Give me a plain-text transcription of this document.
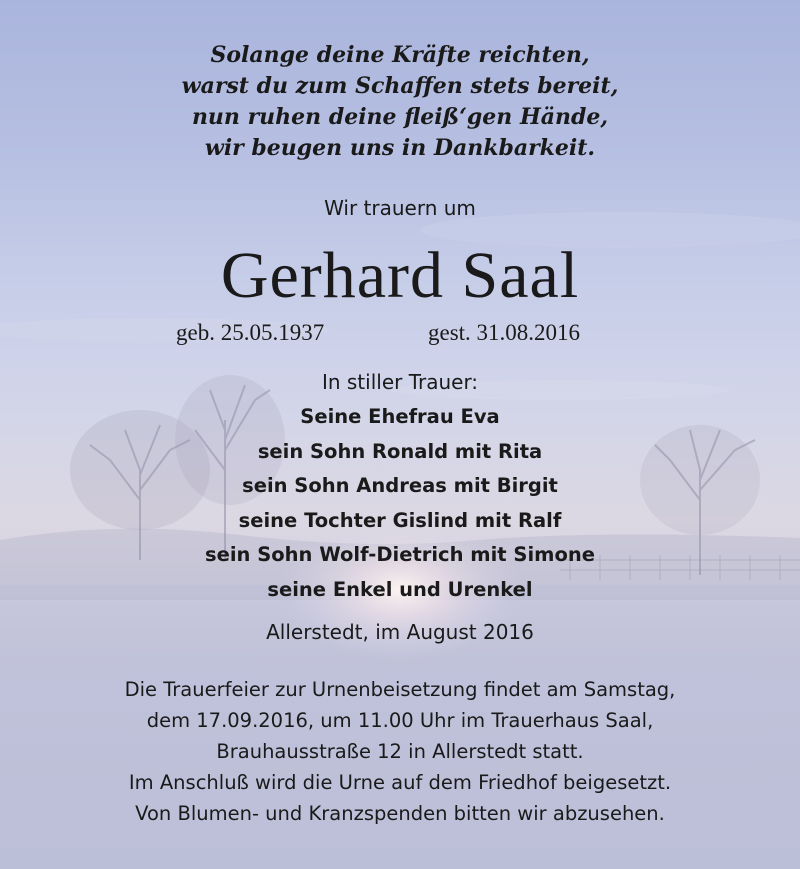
Solange deine Kräfte reichten,
warst du zum Schaffen stets bereit,
nun ruhen deine fleiß‘gen Hände,
wir beugen uns in Dankbarkeit.
Wir trauern um
Gerhard Saal
geb. 25.05.1937	gest. 31.08.2016
In stiller Trauer:
Seine Ehefrau Eva
sein Sohn Ronald mit Rita
sein Sohn Andreas mit Birgit
seine Tochter Gislind mit Ralf
sein Sohn Wolf-Dietrich mit Simone
seine Enkel und Urenkel
Allerstedt, im August 2016
Die Trauerfeier zur Urnenbeisetzung findet am Samstag,
dem 17.09.2016, um 11.00 Uhr im Trauerhaus Saal,
Brauhausstraße 12 in Allerstedt statt.
Im Anschluß wird die Urne auf dem Friedhof beigesetzt.
Von Blumen- und Kranzspenden bitten wir abzusehen.
